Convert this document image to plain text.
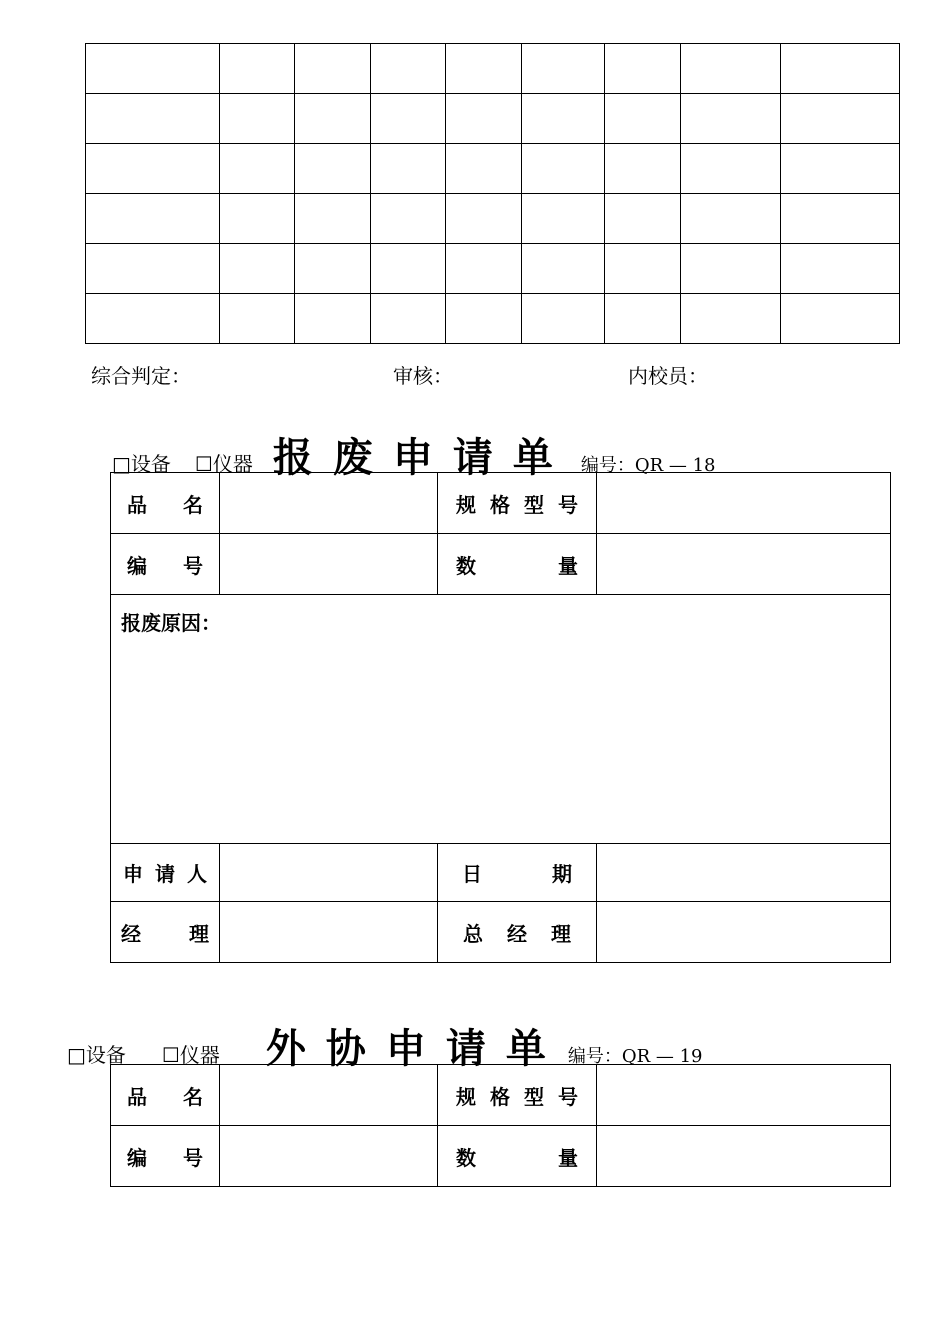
综合判定：	审核：	内校员：
□设备 ☐仪器 报废申请单 编号：QR — 18
品 名		规 格 型 号	

编 号		数 量	

报废原因：			

申 请 人		日 期	

经 理		总 经 理	

□设备 ☐仪器 外协申请单 编号：QR — 19
品 名		规 格 型 号	

编 号		数 量	
